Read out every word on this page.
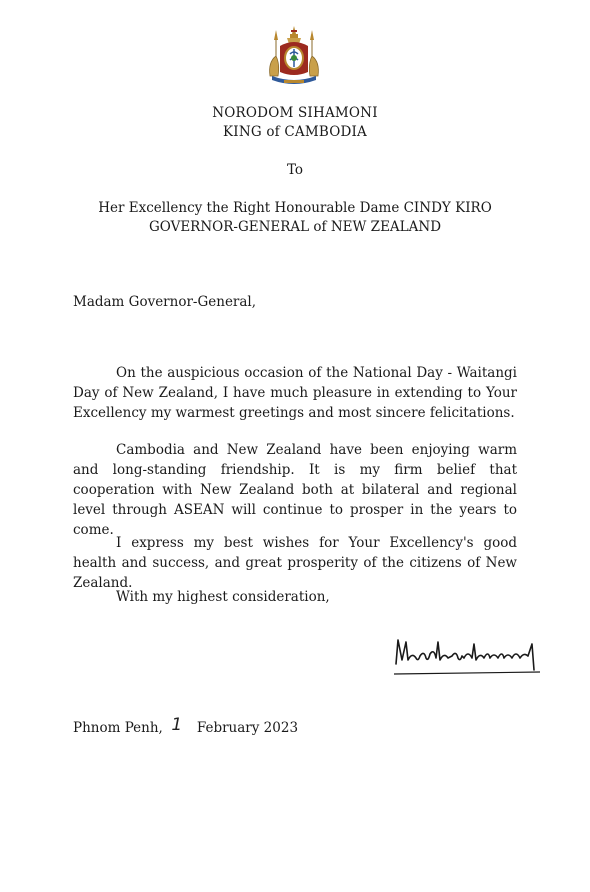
NORODOM SIHAMONI
KING of CAMBODIA
To
Her Excellency the Right Honourable Dame CINDY KIRO
GOVERNOR-GENERAL of NEW ZEALAND
Madam Governor-General,

On the auspicious occasion of the National Day - Waitangi Day of New Zealand, I have much pleasure in extending to Your Excellency my warmest greetings and most sincere felicitations.

Cambodia and New Zealand have been enjoying warm and long-standing friendship. It is my firm belief that cooperation with New Zealand both at bilateral and regional level through ASEAN will continue to prosper in the years to come.

I express my best wishes for Your Excellency's good health and success, and great prosperity of the citizens of New Zealand.

With my highest consideration,
Phnom Penh, 1 February 2023
